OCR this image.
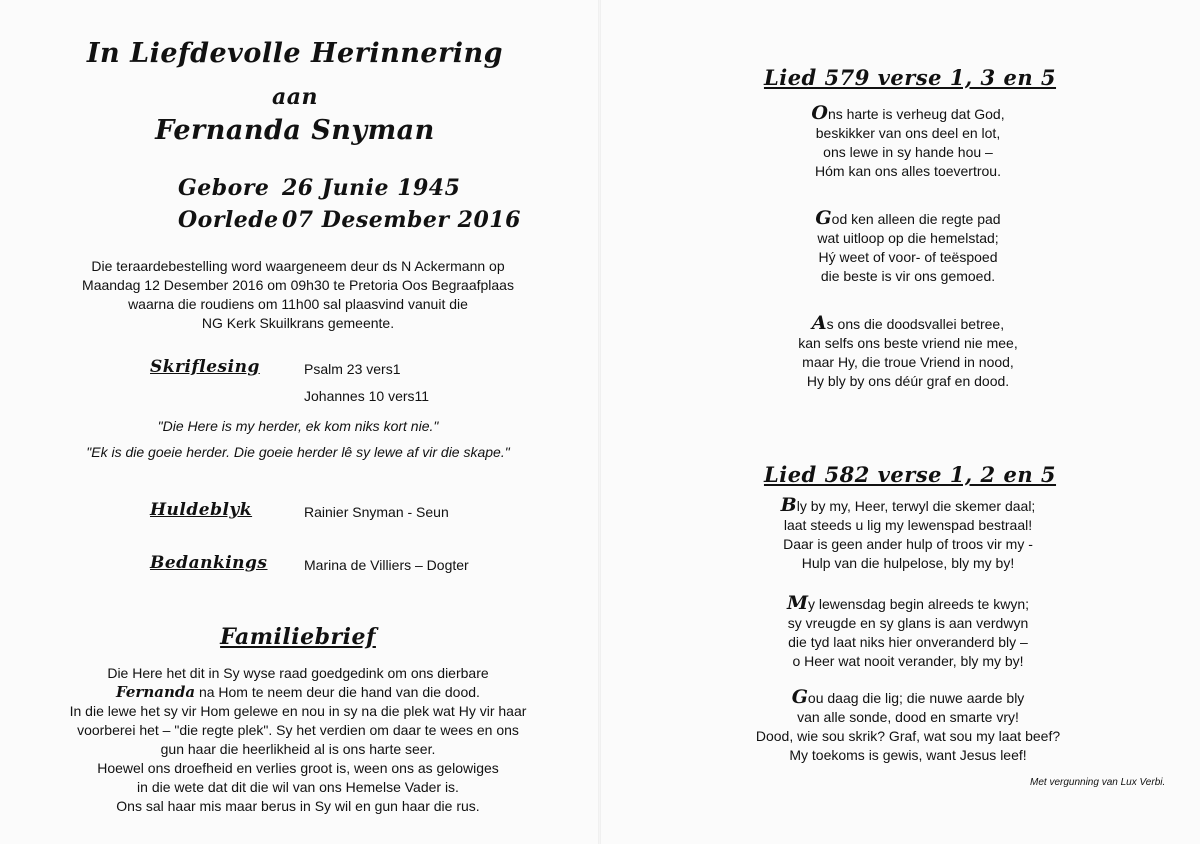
In Liefdevolle Herinnering
aan
Fernanda Snyman
Gebore 26 Junie 1945
Oorlede 07 Desember 2016
Die teraardebestelling word waargeneem deur ds N Ackermann op
Maandag 12 Desember 2016 om 09h30 te Pretoria Oos Begraafplaas
waarna die roudiens om 11h00 sal plaasvind vanuit die
NG Kerk Skuilkrans gemeente.
Skriflesing	Psalm 23 vers1
Johannes 10 vers11
"Die Here is my herder, ek kom niks kort nie."
"Ek is die goeie herder. Die goeie herder lê sy lewe af vir die skape."
Huldeblyk	Rainier Snyman - Seun
Bedankings	Marina de Villiers – Dogter
Familiebrief
Die Here het dit in Sy wyse raad goedgedink om ons dierbare
Fernanda na Hom te neem deur die hand van die dood.
In die lewe het sy vir Hom gelewe en nou in sy na die plek wat Hy vir haar
voorberei het – "die regte plek". Sy het verdien om daar te wees en ons
gun haar die heerlikheid al is ons harte seer.
Hoewel ons droefheid en verlies groot is, ween ons as gelowiges
in die wete dat dit die wil van ons Hemelse Vader is.
Ons sal haar mis maar berus in Sy wil en gun haar die rus.
Lied 579 verse 1, 3 en 5
Ons harte is verheug dat God,
beskikker van ons deel en lot,
ons lewe in sy hande hou –
Hóm kan ons alles toevertrou.
God ken alleen die regte pad
wat uitloop op die hemelstad;
Hý weet of voor- of teëspoed
die beste is vir ons gemoed.
As ons die doodsvallei betree,
kan selfs ons beste vriend nie mee,
maar Hy, die troue Vriend in nood,
Hy bly by ons déúr graf en dood.
Lied 582 verse 1, 2 en 5
Bly by my, Heer, terwyl die skemer daal;
laat steeds u lig my lewenspad bestraal!
Daar is geen ander hulp of troos vir my -
Hulp van die hulpelose, bly my by!
My lewensdag begin alreeds te kwyn;
sy vreugde en sy glans is aan verdwyn
die tyd laat niks hier onveranderd bly –
o Heer wat nooit verander, bly my by!
Gou daag die lig; die nuwe aarde bly
van alle sonde, dood en smarte vry!
Dood, wie sou skrik? Graf, wat sou my laat beef?
My toekoms is gewis, want Jesus leef!
Met vergunning van Lux Verbi.
